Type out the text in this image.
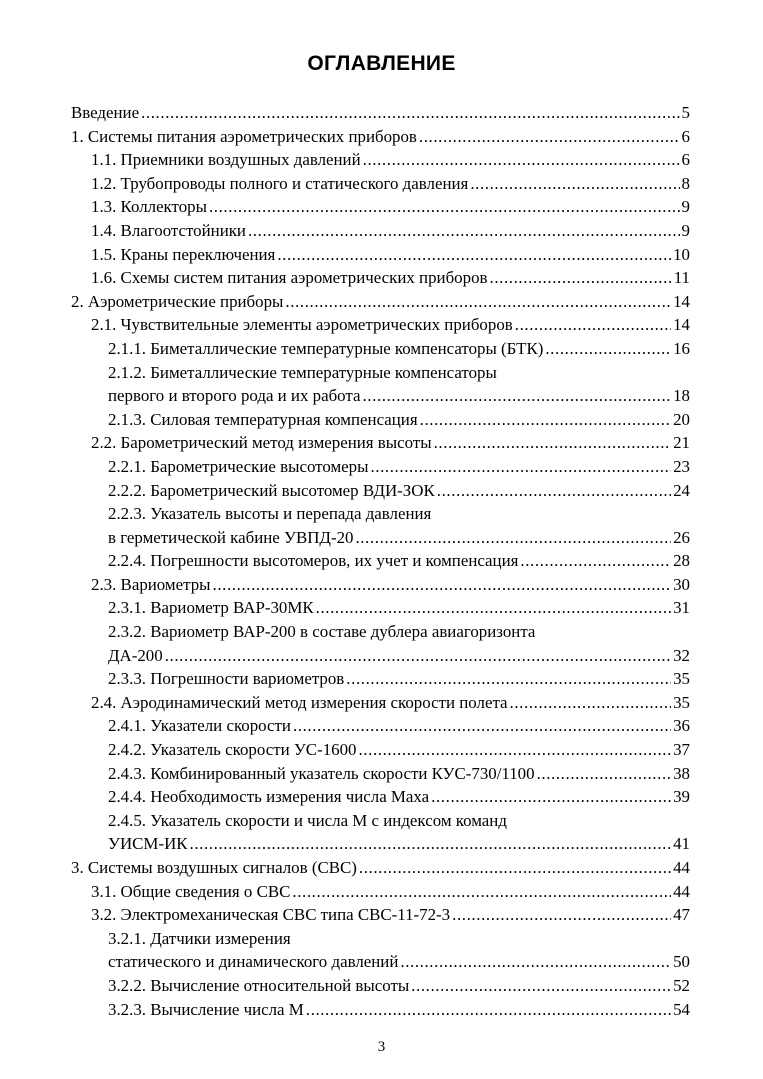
ОГЛАВЛЕНИЕ
Введение .....	5
1. Системы питания аэрометрических приборов .....	6
1.1. Приемники воздушных давлений .....	6
1.2. Трубопроводы полного и статического давления .....	8
1.3. Коллекторы .....	9
1.4. Влагоотстойники .....	9
1.5. Краны переключения .....	10
1.6. Схемы систем питания аэрометрических приборов .....	11
2. Аэрометрические приборы .....	14
2.1. Чувствительные элементы аэрометрических приборов .....	14
2.1.1. Биметаллические температурные компенсаторы (БТК) .....	16
2.1.2. Биметаллические температурные компенсаторы
первого и второго рода и их работа .....	18
2.1.3. Силовая температурная компенсация .....	20
2.2. Барометрический метод измерения высоты .....	21
2.2.1. Барометрические высотомеры .....	23
2.2.2. Барометрический высотомер ВДИ-ЗОК .....	24
2.2.3. Указатель высоты и перепада давления
в герметической кабине УВПД-20 .....	26
2.2.4. Погрешности высотомеров, их учет и компенсация .....	28
2.3. Вариометры .....	30
2.3.1. Вариометр ВАР-30МК .....	31
2.3.2. Вариометр ВАР-200 в составе дублера авиагоризонта
ДА-200 .....	32
2.3.3. Погрешности вариометров .....	35
2.4. Аэродинамический метод измерения скорости полета .....	35
2.4.1. Указатели скорости .....	36
2.4.2. Указатель скорости УС-1600 .....	37
2.4.3. Комбинированный указатель скорости КУС-730/1100 .....	38
2.4.4. Необходимость измерения числа Маха .....	39
2.4.5. Указатель скорости и числа М с индексом команд
УИСМ-ИК .....	41
3. Системы воздушных сигналов (СВС) .....	44
3.1. Общие сведения о СВС .....	44
3.2. Электромеханическая СВС типа СВС-11-72-3 .....	47
3.2.1. Датчики измерения
статического и динамического давлений .....	50
3.2.2. Вычисление относительной высоты .....	52
3.2.3. Вычисление числа М .....	54
3
